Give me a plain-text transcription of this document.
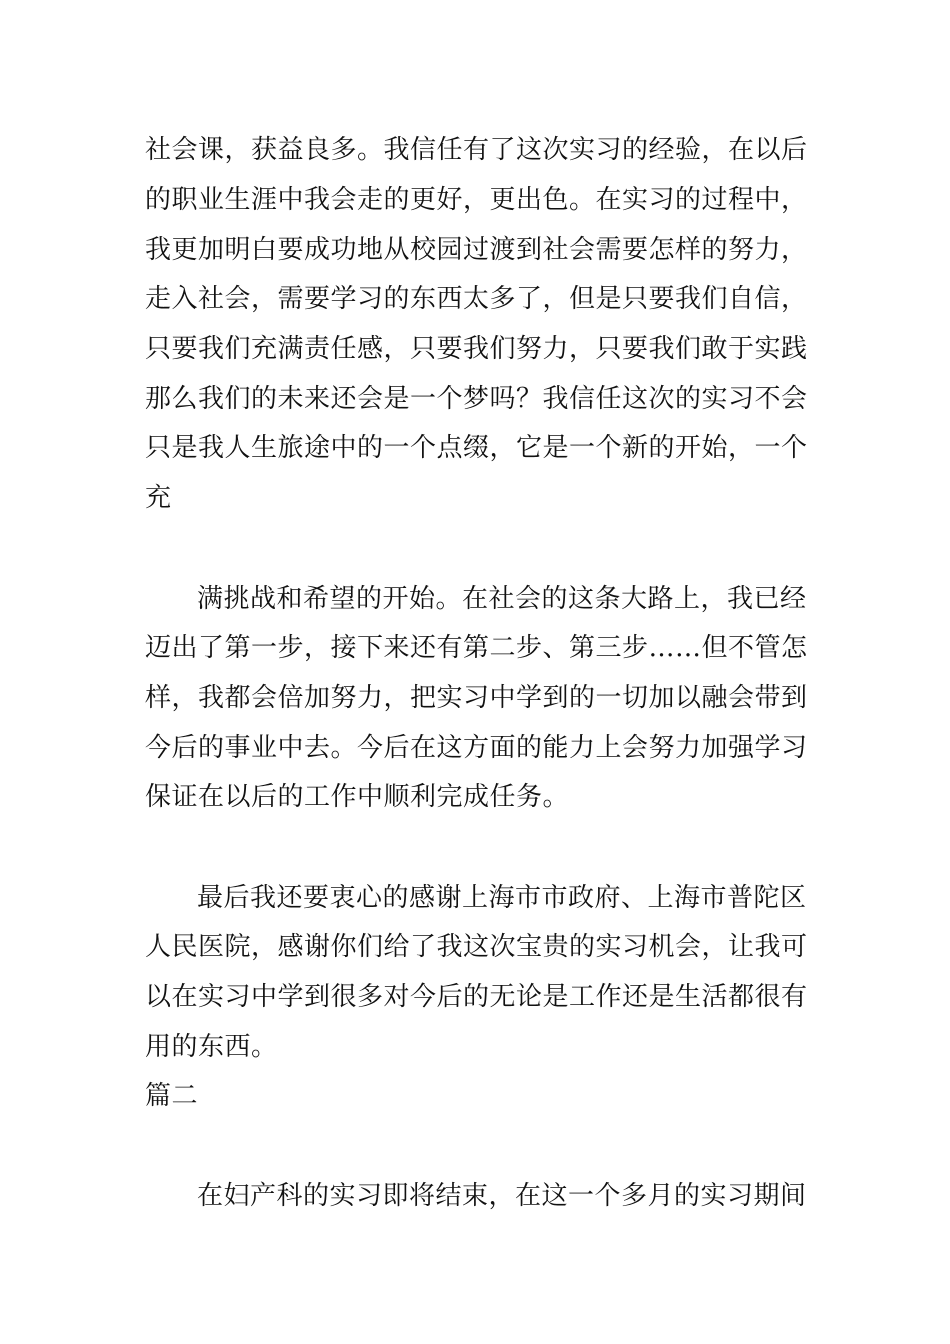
社会课，获益良多。我信任有了这次实习的经验，在以后
的职业生涯中我会走的更好，更出色。在实习的过程中，
我更加明白要成功地从校园过渡到社会需要怎样的努力，
走入社会，需要学习的东西太多了，但是只要我们自信，
只要我们充满责任感，只要我们努力，只要我们敢于实践
那么我们的未来还会是一个梦吗？我信任这次的实习不会
只是我人生旅途中的一个点缀，它是一个新的开始，一个
充
满挑战和希望的开始。在社会的这条大路上，我已经
迈出了第一步，接下来还有第二步、第三步……但不管怎
样，我都会倍加努力，把实习中学到的一切加以融会带到
今后的事业中去。今后在这方面的能力上会努力加强学习
保证在以后的工作中顺利完成任务。
最后我还要衷心的感谢上海市市政府、上海市普陀区
人民医院，感谢你们给了我这次宝贵的实习机会，让我可
以在实习中学到很多对今后的无论是工作还是生活都很有
用的东西。
篇二
在妇产科的实习即将结束，在这一个多月的实习期间
